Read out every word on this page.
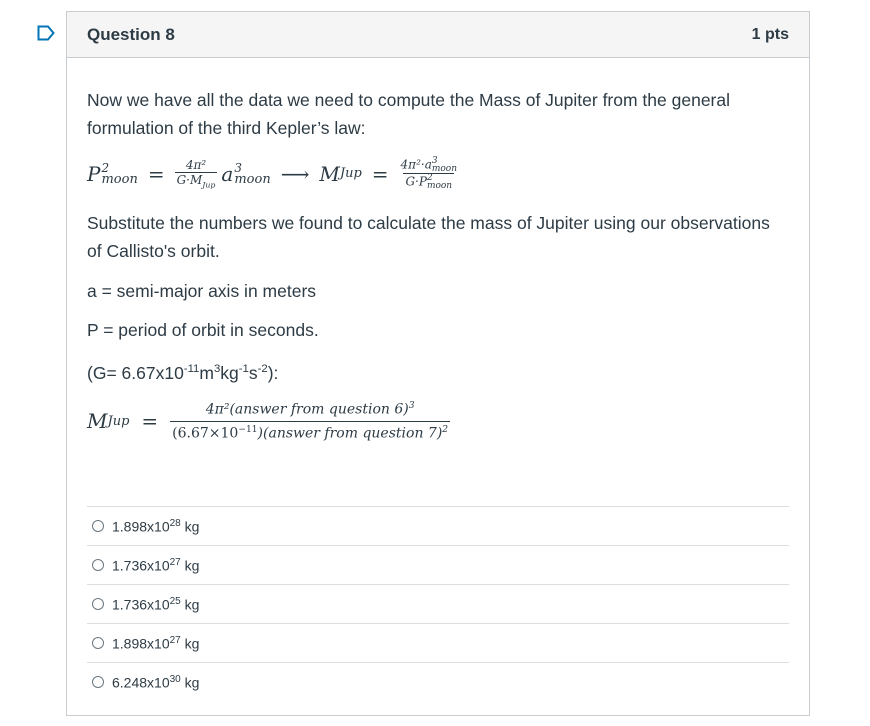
Question 8	1 pts

Now we have all the data we need to compute the Mass of Jupiter from the general formulation of the third Kepler’s law:

P 2
moon = $\frac{\text{4π²}}{G\cdot M_{Jup}}$ a 3
moon ⟶ M Jup = 4π²·a 3
moon
G·P 2
moon

Substitute the numbers we found to calculate the mass of Jupiter using our observations of Callisto's orbit.

a = semi-major axis in meters

P = period of orbit in seconds.

$(G= 6.67x10^{-11}m^3kg^{-1}s^{-2})$:

M Jup = $\frac{4\pi^2(answer from question 6)^3}{(6.67\times 10^{-11})(answer from question 7)^2}$
$1.898x10^{28}$ kg
$1.736x10^{27}$ kg
$1.736x10^{25}$ kg
$1.898x10^{27}$ kg
$6.248x10^{30}$ kg
